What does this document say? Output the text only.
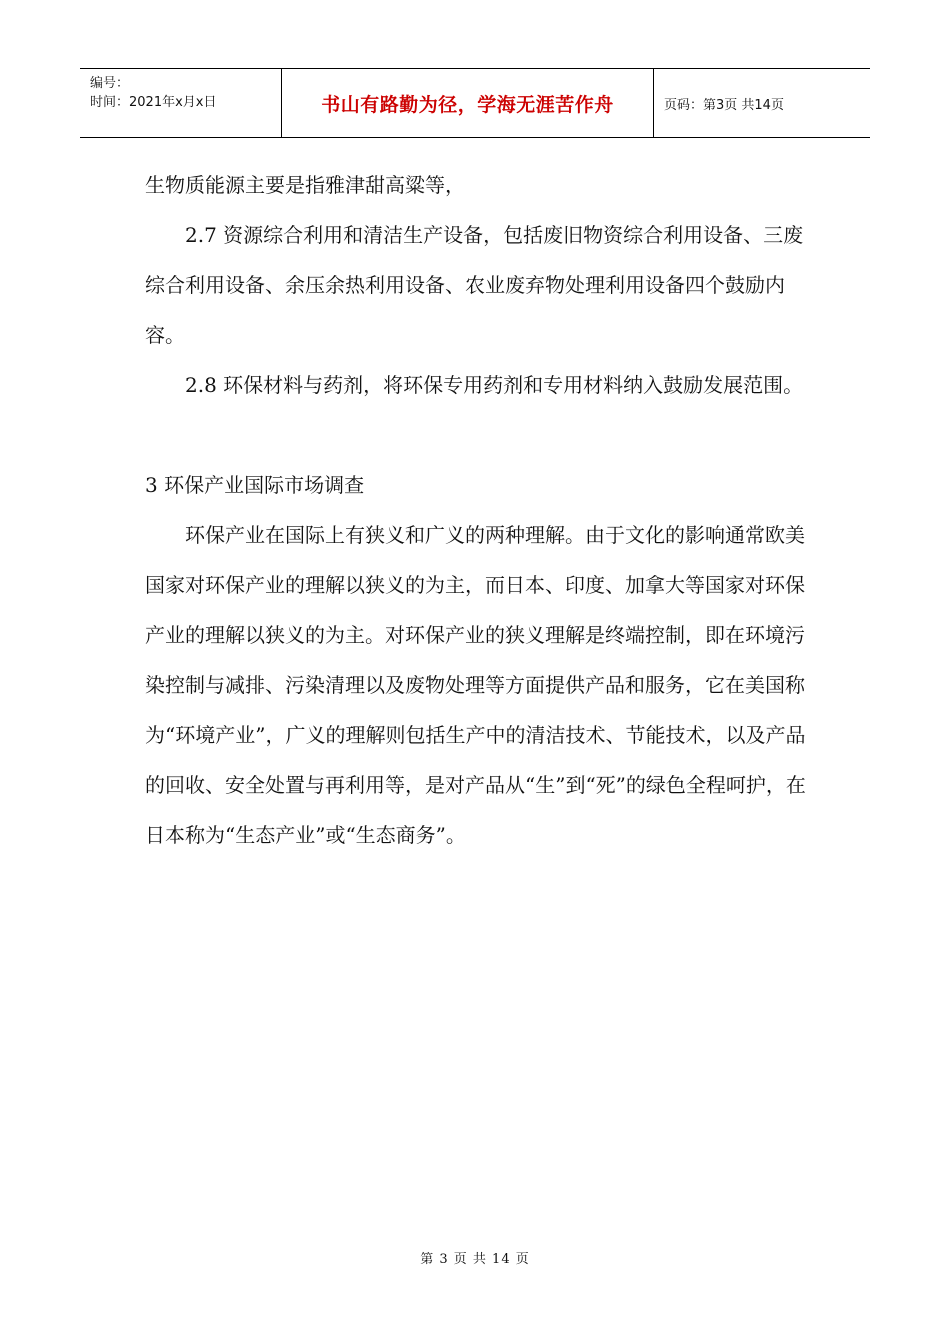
编号：
时间：2021年x月x日	书山有路勤为径，学海无涯苦作舟	页码：第3页 共14页

生物质能源主要是指雅津甜高粱等，

2.7 资源综合利用和清洁生产设备，包括废旧物资综合利用设备、三废综合利用设备、余压余热利用设备、农业废弃物处理利用设备四个鼓励内容。

2.8 环保材料与药剂，将环保专用药剂和专用材料纳入鼓励发展范围。

3 环保产业国际市场调查

环保产业在国际上有狭义和广义的两种理解。由于文化的影响通常欧美国家对环保产业的理解以狭义的为主，而日本、印度、加拿大等国家对环保产业的理解以狭义的为主。对环保产业的狭义理解是终端控制，即在环境污染控制与减排、污染清理以及废物处理等方面提供产品和服务，它在美国称为“环境产业”，广义的理解则包括生产中的清洁技术、节能技术，以及产品的回收、安全处置与再利用等，是对产品从“生”到“死”的绿色全程呵护，在日本称为“生态产业”或“生态商务”。

第 3 页 共 14 页
